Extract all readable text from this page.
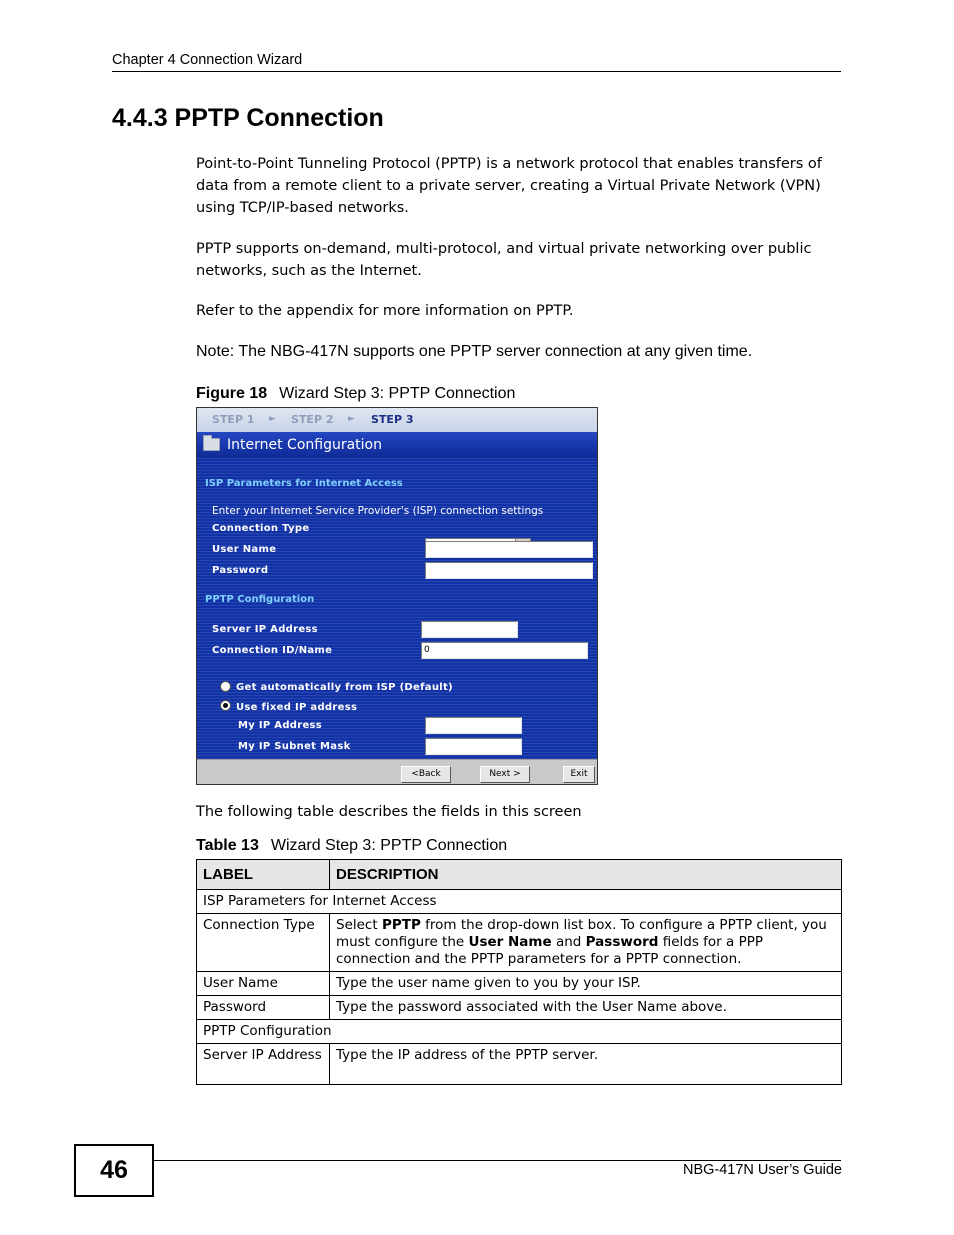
Chapter 4 Connection Wizard
4.4.3 PPTP Connection
Point-to-Point Tunneling Protocol (PPTP) is a network protocol that enables transfers of data from a remote client to a private server, creating a Virtual Private Network (VPN) using TCP/IP-based networks.
PPTP supports on-demand, multi-protocol, and virtual private networking over public networks, such as the Internet.
Refer to the appendix for more information on PPTP.
Note: The NBG-417N supports one PPTP server connection at any given time.
Figure 18 Wizard Step 3: PPTP Connection
STEP 1 ► STEP 2 ► STEP 3
Internet Configuration
ISP Parameters for Internet Access
Enter your Internet Service Provider's (ISP) connection settings
Connection Type
User Name
Password
PPTP Configuration
Server IP Address
Connection ID/Name	0
Get automatically from ISP (Default)
Use fixed IP address
My IP Address
My IP Subnet Mask
<Back	Next >	Exit
The following table describes the fields in this screen
Table 13 Wizard Step 3: PPTP Connection
LABEL	DESCRIPTION
ISP Parameters for Internet Access	
Connection Type	Select PPTP from the drop-down list box. To configure a PPTP client, you must configure the User Name and Password fields for a PPP connection and the PPTP parameters for a PPTP connection.
User Name	Type the user name given to you by your ISP.
Password	Type the password associated with the User Name above.
PPTP Configuration	
Server IP Address	Type the IP address of the PPTP server.
46	NBG-417N User’s Guide
